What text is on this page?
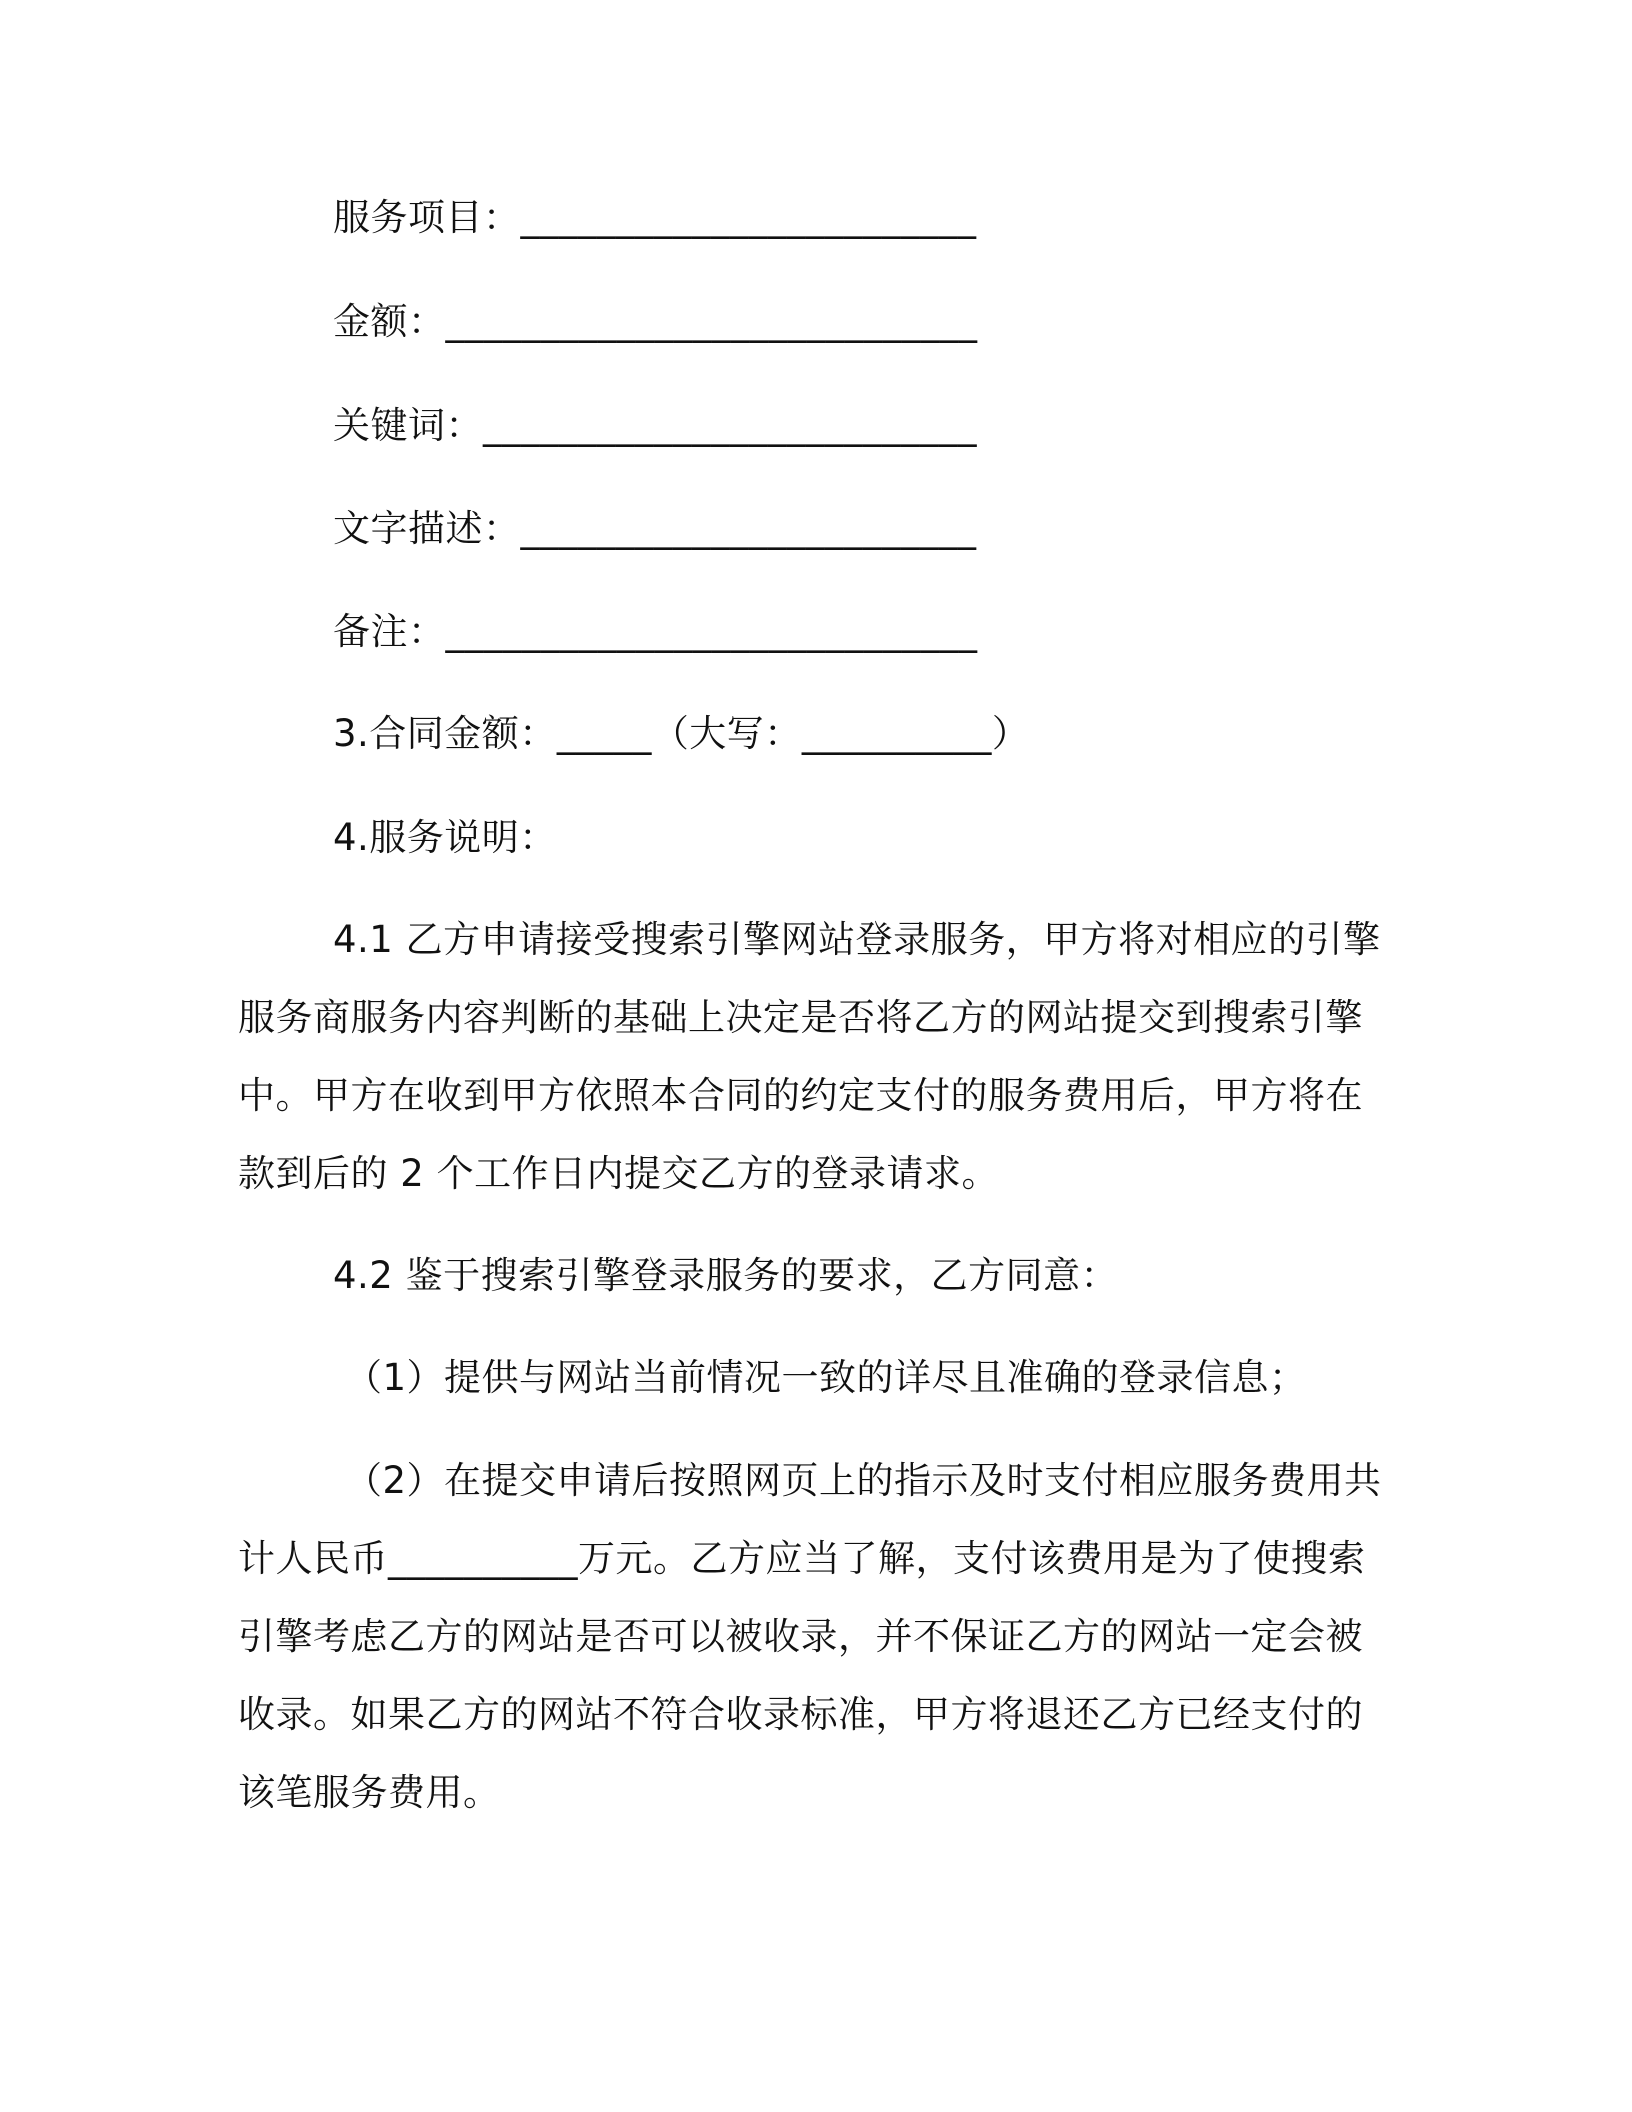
服务项目：________________________
金额：____________________________
关键词：__________________________
文字描述：________________________
备注：____________________________
3.合同金额：_____（大写：__________）
4.服务说明：
4.1 乙方申请接受搜索引擎网站登录服务，甲方将对相应的引擎
服务商服务内容判断的基础上决定是否将乙方的网站提交到搜索引擎
中。甲方在收到甲方依照本合同的约定支付的服务费用后，甲方将在
款到后的 2 个工作日内提交乙方的登录请求。
4.2 鉴于搜索引擎登录服务的要求，乙方同意：
（1）提供与网站当前情况一致的详尽且准确的登录信息；
（2）在提交申请后按照网页上的指示及时支付相应服务费用共
计人民币__________万元。乙方应当了解，支付该费用是为了使搜索
引擎考虑乙方的网站是否可以被收录，并不保证乙方的网站一定会被
收录。如果乙方的网站不符合收录标准，甲方将退还乙方已经支付的
该笔服务费用。
